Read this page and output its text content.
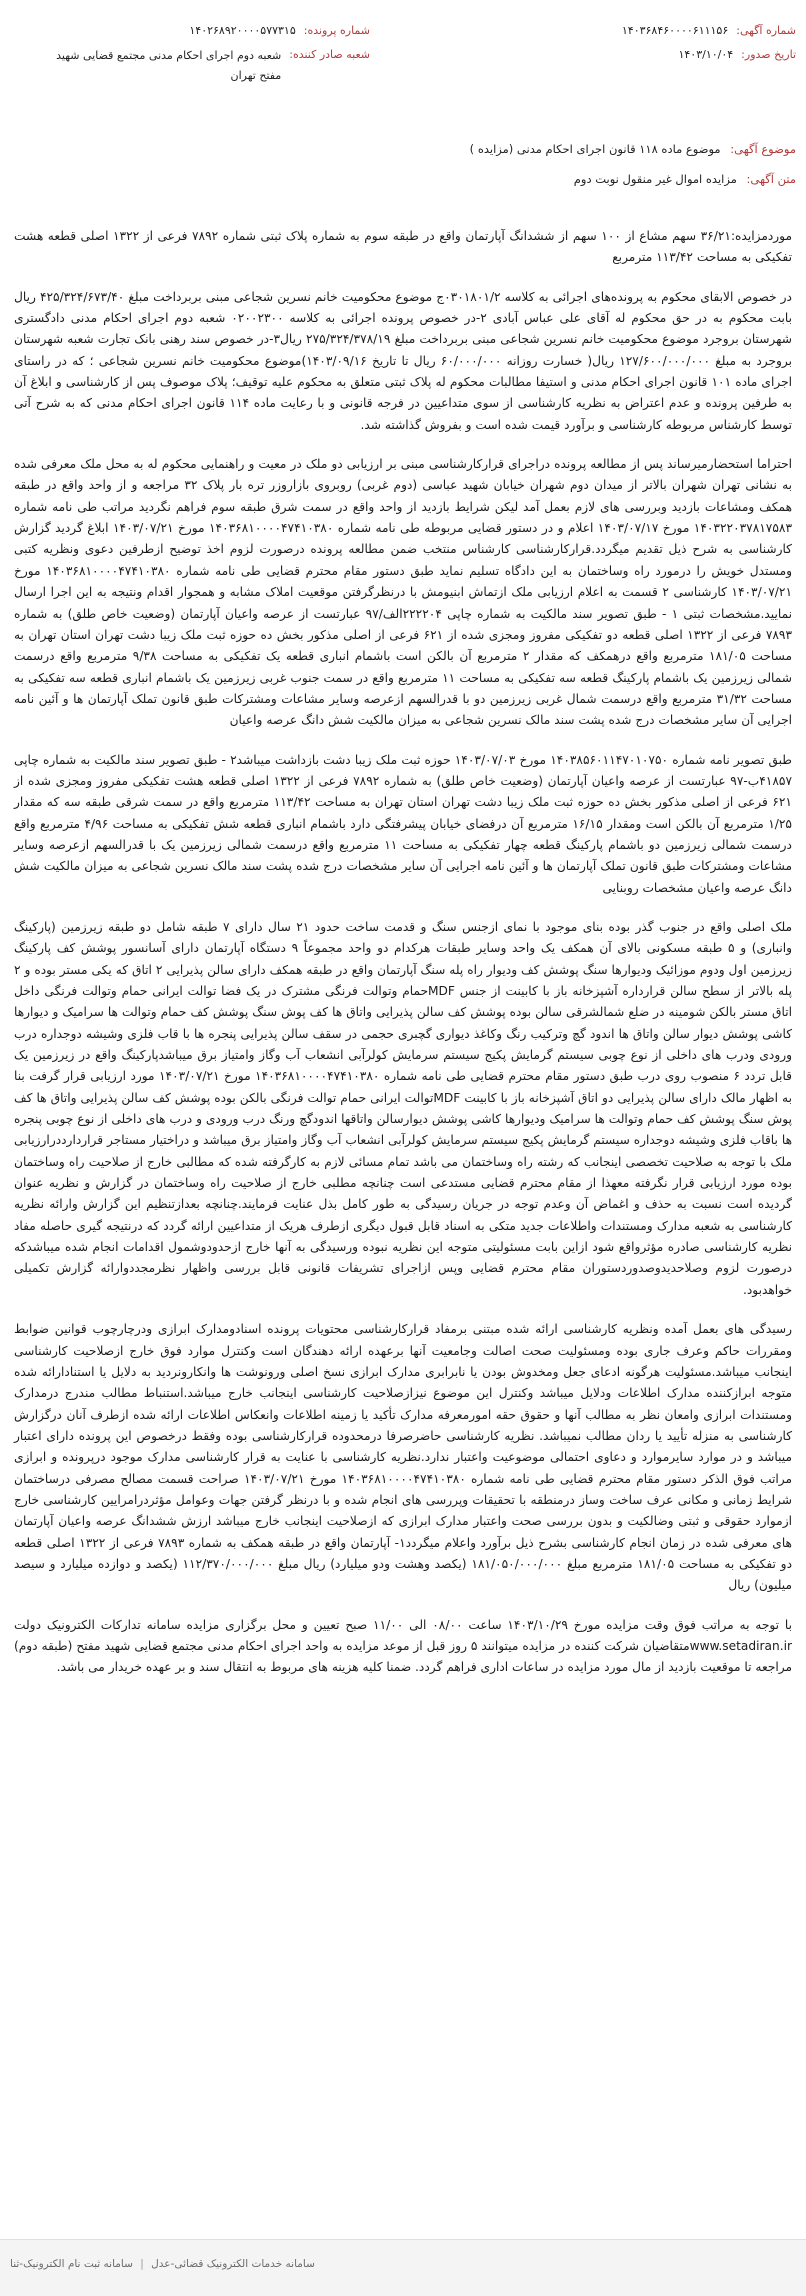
شماره آگهی:
۱۴۰۳۶۸۴۶۰۰۰۰۶۱۱۱۵۶
تاریخ صدور:
۱۴۰۳/۱۰/۰۴
شماره پرونده:
۱۴۰۲۶۸۹۲۰۰۰۰۵۷۷۳۱۵
شعبه صادر کننده:
شعبه دوم اجرای احکام مدنی مجتمع قضایی شهید مفتح تهران
موضوع آگهی: موضوع ماده ۱۱۸ قانون اجرای احکام مدنی (مزایده )
متن آگهی: مزایده اموال غیر منقول نوبت دوم

موردمزایده:۳۶/۲۱ سهم مشاع از ۱۰۰ سهم از ششدانگ آپارتمان واقع در طبقه سوم به شماره پلاک ثبتی شماره ۷۸۹۲ فرعی از ۱۳۲۲ اصلی قطعه هشت تفکیکی به مساحت ۱۱۳/۴۲ مترمربع

در خصوص الابقای محکوم به پرونده‌های اجرائی به کلاسه ۰۳۰۱۸۰۱/۲ج موضوع محکومیت خانم نسرین شجاعی مبنی بربرداخت مبلغ ۴۲۵/۳۲۴/۶۷۳/۴۰ ریال بابت محکوم به در حق محکوم له آقای علی عباس آبادی ۲-در خصوص پرونده اجرائی به کلاسه ۰۲۰۰۲۳۰۰ شعبه دوم اجرای احکام مدنی دادگستری شهرستان بروجرد موضوع محکومیت خانم نسرین شجاعی مبنی بربرداخت مبلغ ۲۷۵/۳۲۴/۳۷۸/۱۹ ریال۳-در خصوص سند رهنی بانک تجارت شعبه شهرستان بروجرد به مبلغ ۱۲۷/۶۰۰/۰۰۰/۰۰۰ ریال( خسارت روزانه ۶۰/۰۰۰/۰۰۰ ریال تا تاریخ ۱۴۰۳/۰۹/۱۶)موضوع محکومیت خانم نسرین شجاعی ؛ که در راستای اجرای ماده ۱۰۱ قانون اجرای احکام مدنی و استیفا مطالبات محکوم له پلاک ثبتی متعلق به محکوم علیه توقیف؛ پلاک موصوف پس از کارشناسی و ابلاغ آن به طرفین پرونده و عدم اعتراض به نظریه کارشناسی از سوی متداعیین در فرجه قانونی و با رعایت ماده ۱۱۴ قانون اجرای احکام مدنی که به شرح آتی توسط کارشناس مربوطه کارشناسی و برآورد قیمت شده است و بفروش گذاشته شد.

احتراما استحضارمیرساند پس از مطالعه پرونده دراجرای قرارکارشناسی مبنی بر ارزیابی دو ملک در معیت و راهنمایی محکوم له به محل ملک معرفی شده به نشانی تهران شهران بالاتر از میدان دوم شهران خیابان شهید عباسی (دوم غربی) روبروی بازاروزر تره بار پلاک ۳۲ مراجعه و از واحد واقع در طبقه همکف ومشاعات بازدید وبررسی های لازم بعمل آمد لیکن شرایط بازدید از واحد واقع در سمت شرق طبقه سوم فراهم نگردید مراتب طی نامه شماره ۱۴۰۳۲۲۰۳۷۸۱۷۵۸۳ مورخ ۱۴۰۳/۰۷/۱۷ اعلام و در دستور قضایی مربوطه طی نامه شماره ۱۴۰۳۶۸۱۰۰۰۰۴۷۴۱۰۳۸۰ مورخ ۱۴۰۳/۰۷/۲۱ ابلاغ گردید گزارش کارشناسی به شرح ذیل تقدیم میگردد.قرارکارشناسی کارشناس منتخب ضمن مطالعه پرونده درصورت لزوم اخذ توضیح ازطرفین دعوی ونظریه کتبی ومستدل خویش را درمورد راه وساختمان به این دادگاه تسلیم نماید طبق دستور مقام محترم قضایی طی نامه شماره ۱۴۰۳۶۸۱۰۰۰۰۴۷۴۱۰۳۸۰ مورخ ۱۴۰۳/۰۷/۲۱ کارشناسی ۲ قسمت به اعلام ارزیابی ملک ازتماش ابنیومش با درنظرگرفتن موقعیت املاک مشابه و همجوار اقدام ونتیجه به این اجرا ارسال نمایید.مشخصات ثبتی ۱ - طبق تصویر سند مالکیت به شماره چاپی ۲۲۲۲۰۴الف/۹۷ عبارتست از عرصه واعیان آپارتمان (وضعیت خاص طلق) به شماره ۷۸۹۳ فرعی از ۱۳۲۲ اصلی قطعه دو تفکیکی مفروز ومجزی شده از ۶۲۱ فرعی از اصلی مذکور بخش ده حوزه ثبت ملک زیبا دشت تهران استان تهران به مساحت ۱۸۱/۰۵ مترمربع واقع درهمکف که مقدار ۲ مترمربع آن بالکن است باشمام انباری قطعه یک تفکیکی به مساحت ۹/۳۸ مترمربع واقع درسمت شمالی زیرزمین یک باشمام پارکینگ قطعه سه تفکیکی به مساحت ۱۱ مترمربع واقع در سمت جنوب غربی زیرزمین یک باشمام انباری قطعه سه تفکیکی به مساحت ۳۱/۳۲ مترمربع واقع درسمت شمال غربی زیرزمین دو با قدرالسهم ازعرصه وسایر مشاعات ومشترکات طبق قانون تملک آپارتمان ها و آئین نامه اجرایی آن سایر مشخصات درج شده پشت سند مالک نسرین شجاعی به میزان مالکیت شش دانگ عرصه واعیان

طبق تصویر نامه شماره ۱۴۰۳۸۵۶۰۱۱۴۷۰۱۰۷۵۰ مورخ ۱۴۰۳/۰۷/۰۳ حوزه ثبت ملک زیبا دشت بازداشت میباشد۲ - طبق تصویر سند مالکیت به شماره چاپی ۴۱۸۵۷ب-۹۷ عبارتست از عرصه واعیان آپارتمان (وضعیت خاص طلق) به شماره ۷۸۹۲ فرعی از ۱۳۲۲ اصلی قطعه هشت تفکیکی مفروز ومجزی شده از ۶۲۱ فرعی از اصلی مذکور بخش ده حوزه ثبت ملک زیبا دشت تهران استان تهران به مساحت ۱۱۳/۴۲ مترمربع واقع در سمت شرقی طبقه سه که مقدار ۱/۲۵ مترمربع آن بالکن است ومقدار ۱۶/۱۵ مترمربع آن درفضای خیابان پیشرفتگی دارد باشمام انباری قطعه شش تفکیکی به مساحت ۴/۹۶ مترمربع واقع درسمت شمالی زیرزمین دو باشمام پارکینگ قطعه چهار تفکیکی به مساحت ۱۱ مترمربع واقع درسمت شمالی زیرزمین یک با قدرالسهم ازعرصه وسایر مشاعات ومشترکات طبق قانون تملک آپارتمان ها و آئین نامه اجرایی آن سایر مشخصات درج شده پشت سند مالک نسرین شجاعی به میزان مالکیت شش دانگ عرصه واعیان مشخصات روبنایی

ملک اصلی واقع در جنوب گذر بوده بنای موجود با نمای ازجنس سنگ و قدمت ساخت حدود ۲۱ سال دارای ۷ طبقه شامل دو طبقه زیرزمین (پارکینگ وانباری) و ۵ طبقه مسکونی بالای آن همکف یک واحد وسایر طبقات هرکدام دو واحد مجموعاً ۹ دستگاه آپارتمان دارای آسانسور پوشش کف پارکینگ زیرزمین اول ودوم موزائیک ودیوارها سنگ پوشش کف ودیوار راه پله سنگ آپارتمان واقع در طبقه همکف دارای سالن پذیرایی ۲ اتاق که یکی مستر بوده و ۲ پله بالاتر از سطح سالن قرارداره آشپزخانه باز با کابینت از جنس MDFحمام وتوالت فرنگی مشترک در یک فضا توالت ایرانی حمام وتوالت فرنگی داخل اتاق مستر بالکن شومینه در ضلع شمالشرقی سالن بوده پوشش کف سالن پذیرایی واتاق ها کف پوش سنگ پوشش کف حمام وتوالت ها سرامیک و دیوارها کاشی پوشش دیوار سالن واتاق ها اندود گچ وترکیب رنگ وکاغذ دیواری گچبری حجمی در سقف سالن پذیرایی پنجره ها با قاب فلزی وشیشه دوجداره درب ورودی ودرب های داخلی از نوع چوبی سیستم گرمایش پکیج سیستم سرمایش کولرآبی انشعاب آب وگاز وامتیاز برق میباشدپارکینگ واقع در زیرزمین یک قابل تردد ۶ منصوب روی درب طبق دستور مقام محترم قضایی طی نامه شماره ۱۴۰۳۶۸۱۰۰۰۰۴۷۴۱۰۳۸۰ مورخ ۱۴۰۳/۰۷/۲۱ مورد ارزیابی قرار گرفت بنا به اظهار مالک دارای سالن پذیرایی دو اتاق آشپزخانه باز با کابینت MDFتوالت ایرانی حمام توالت فرنگی بالکن بوده پوشش کف سالن پذیرایی واتاق ها کف پوش سنگ پوشش کف حمام وتوالت ها سرامیک ودیوارها کاشی پوشش دیوارسالن واتاقها اندودگچ ورنگ درب ورودی و درب های داخلی از نوع چوبی پنجره ها باقاب فلزی وشیشه دوجداره سیستم گرمایش پکیج سیستم سرمایش کولرآبی انشعاب آب وگاز وامتیاز برق میباشد و دراختیار مستاجر قراردارددرارزیابی ملک با توجه به صلاحیت تخصصی اینجانب که رشته راه وساختمان می باشد تمام مسائی لازم به کارگرفته شده که مطالبی خارج از صلاحیت راه وساختمان بوده مورد ارزیابی قرار نگرفته معهذا از مقام محترم قضایی مستدعی است چنانچه مطلبی خارج از صلاحیت راه وساختمان در گزارش و نظریه عنوان گردیده است نسبت به حذف و اغماض آن وعدم توجه در جریان رسیدگی به طور کامل بذل عنایت فرمایند.چنانچه بعدازتنظیم این گزارش وارائه نظریه کارشناسی به شعبه مدارک ومستندات واطلاعات جدید متکی به اسناد قابل قبول دیگری ازطرف هریک از متداعیین ارائه گردد که درنتیجه گیری حاصله مفاد نظریه کارشناسی صادره مؤثرواقع شود ازاین بابت مسئولیتی متوجه این نظریه نبوده ورسیدگی به آنها خارج ازحدودوشمول اقدامات انجام شده میباشدکه درصورت لزوم وصلاحدیدوصدوردستوران مقام محترم قضایی وپس ازاجرای تشریفات قانونی قابل بررسی واظهار نظرمجددوارائه گزارش تکمیلی خواهدبود.

رسیدگی های بعمل آمده ونظریه کارشناسی ارائه شده مبتنی برمفاد قرارکارشناسی محتویات پرونده اسنادومدارک ابرازی ودرچارچوب قوانین ضوابط ومقررات حاکم وعرف جاری بوده ومسئولیت صحت اصالت وجامعیت آنها برعهده ارائه دهندگان است وکنترل موارد فوق خارج ازصلاحیت کارشناسی اینجانب میباشد.مسئولیت هرگونه ادعای جعل ومخدوش بودن یا نابرابری مدارک ابرازی نسخ اصلی ورونوشت ها وانکارونردید به دلایل یا استنادارائه شده متوجه ابرازکننده مدارک اطلاعات ودلایل میباشد وکنترل این موضوع نیزازصلاحیت کارشناسی اینجانب خارج میباشد.استنباط مطالب مندرج درمدارک ومستندات ابرازی وامعان نظر به مطالب آنها و حقوق حقه امورمعرفه مدارک تأکید یا زمینه اطلاعات وانعکاس اطلاعات ارائه شده ازطرف آنان درگزارش کارشناسی به منزله تأیید یا ردان مطالب نمیباشد. نظریه کارشناسی حاضرصرفا درمحدوده قرارکارشناسی بوده وفقط درخصوص این پرونده دارای اعتبار میباشد و در موارد سایرموارد و دعاوی احتمالی موضوعیت واعتبار ندارد.نظریه کارشناسی با عنایت به قرار کارشناسی مدارک موجود درپرونده و ابرازی مراتب فوق الذکر دستور مقام محترم قضایی طی نامه شماره ۱۴۰۳۶۸۱۰۰۰۰۴۷۴۱۰۳۸۰ مورخ ۱۴۰۳/۰۷/۲۱ صراحت قسمت مصالح مصرفی درساختمان شرایط زمانی و مکانی عرف ساخت وساز درمنطقه با تحقیقات وپررسی های انجام شده و با درنظر گرفتن جهات وعوامل مؤثردرامرایین کارشناسی خارج ازموارد حقوقی و ثبتی وضالکیت و بدون بررسی صحت واعتبار مدارک ابرازی که ازصلاحیت اینجانب خارج میباشد ارزش ششدانگ عرصه واعیان آپارتمان های معرفی شده در زمان انجام کارشناسی بشرح ذیل برآورد واعلام میگردد۱- آپارتمان واقع در طبقه همکف به شماره ۷۸۹۳ فرعی از ۱۳۲۲ اصلی قطعه دو تفکیکی به مساحت ۱۸۱/۰۵ مترمربع مبلغ ۱۸۱/۰۵۰/۰۰۰/۰۰۰ (یکصد وهشت ودو میلیارد) ریال مبلغ ۱۱۲/۳۷۰/۰۰۰/۰۰۰ (یکصد و دوازده میلیارد و سیصد میلیون) ریال

با توجه به مراتب فوق وقت مزایده مورخ ۱۴۰۳/۱۰/۲۹ ساعت ۰۸/۰۰ الی ۱۱/۰۰ صبح تعیین و محل برگزاری مزایده سامانه تدارکات الکترونیک دولت www.setadiran.irمتقاضیان شرکت کننده در مزایده میتوانند ۵ روز قبل از موعد مزایده به واحد اجرای احکام مدنی مجتمع قضایی شهید مفتح (طبقه دوم) مراجعه تا موقعیت بازدید از مال مورد مزایده در ساعات اداری فراهم گردد. ضمنا کلیه هزینه های مربوط به انتقال سند و بر عهده خریدار می باشد.

سامانه خدمات الکترونیک قضائی-عدل | سامانه ثبت نام الکترونیک-ثنا
